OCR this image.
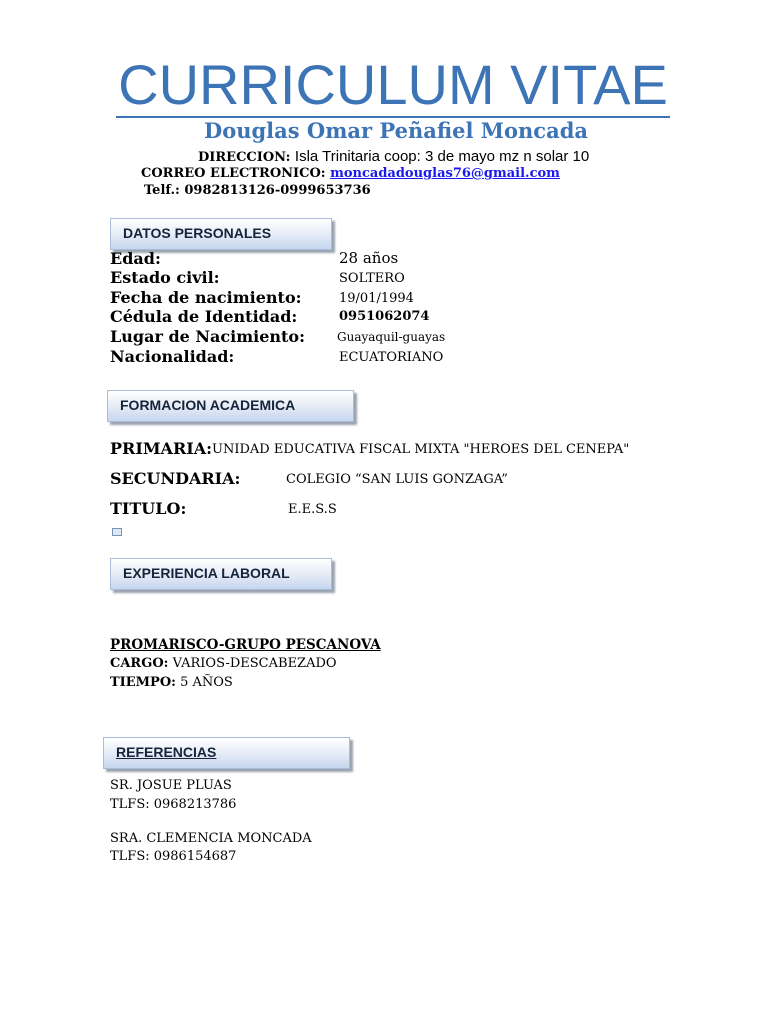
CURRICULUM VITAE
Douglas Omar Peñafiel Moncada
DIRECCION: Isla Trinitaria coop: 3 de mayo mz n solar 10
CORREO ELECTRONICO: moncadadouglas76@gmail.com
Telf.: 0982813126-0999653736
DATOS PERSONALES
Edad:	28 años
Estado civil:	SOLTERO
Fecha de nacimiento:	19/01/1994
Cédula de Identidad:	0951062074
Lugar de Nacimiento:	Guayaquil-guayas
Nacionalidad:	ECUATORIANO
FORMACION ACADEMICA
PRIMARIA: UNIDAD EDUCATIVA FISCAL MIXTA "HEROES DEL CENEPA"
SECUNDARIA:	COLEGIO “SAN LUIS GONZAGA”
TITULO:	E.E.S.S
EXPERIENCIA LABORAL
PROMARISCO-GRUPO PESCANOVA
CARGO: VARIOS-DESCABEZADO
TIEMPO: 5 AÑOS
REFERENCIAS
SR. JOSUE PLUAS
TLFS: 0968213786
SRA. CLEMENCIA MONCADA
TLFS: 0986154687
